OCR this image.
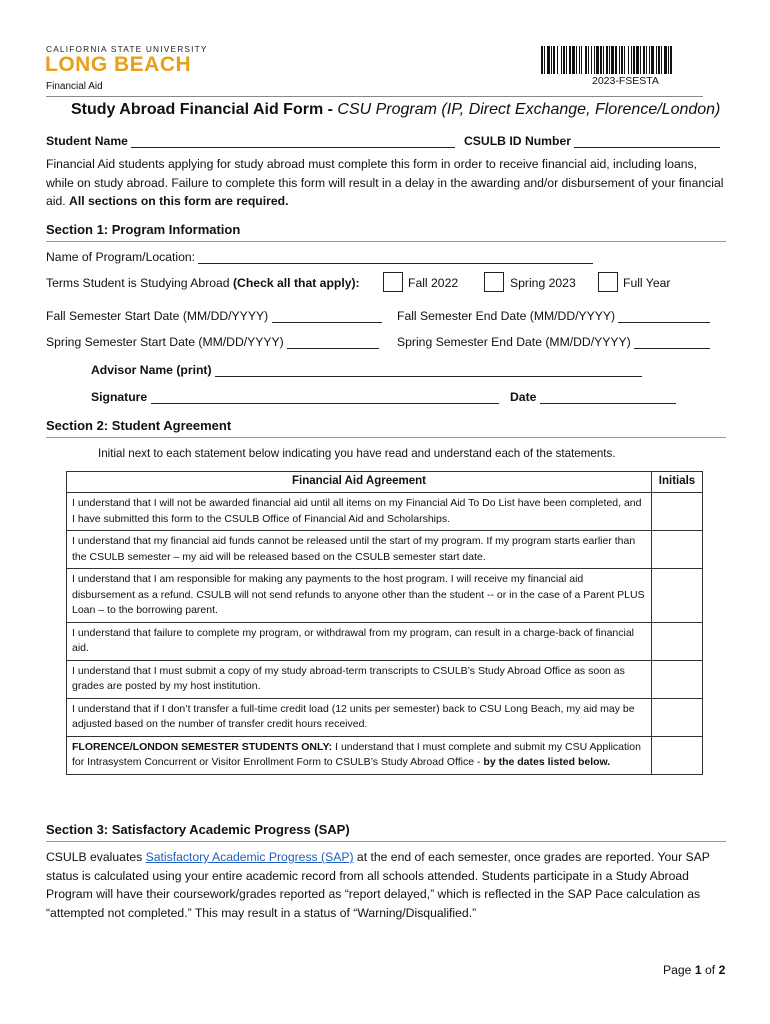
CALIFORNIA STATE UNIVERSITY
LONG BEACH
Financial Aid	2023-FSESTA
Study Abroad Financial Aid Form - CSU Program (IP, Direct Exchange, Florence/London)
Student Name	CSULB ID Number
Financial Aid students applying for study abroad must complete this form in order to receive financial aid, including loans, while on study abroad. Failure to complete this form will result in a delay in the awarding and/or disbursement of your financial aid. All sections on this form are required.
Section 1: Program Information
Name of Program/Location:
Terms Student is Studying Abroad (Check all that apply):	Fall 2022	Spring 2023	Full Year
Fall Semester Start Date (MM/DD/YYYY)	Fall Semester End Date (MM/DD/YYYY)
Spring Semester Start Date (MM/DD/YYYY)	Spring Semester End Date (MM/DD/YYYY)
Advisor Name (print)
Signature	Date
Section 2: Student Agreement
Initial next to each statement below indicating you have read and understand each of the statements.
Financial Aid Agreement	Initials
I understand that I will not be awarded financial aid until all items on my Financial Aid To Do List have been completed, and I have submitted this form to the CSULB Office of Financial Aid and Scholarships.	
I understand that my financial aid funds cannot be released until the start of my program. If my program starts earlier than the CSULB semester – my aid will be released based on the CSULB semester start date.	
I understand that I am responsible for making any payments to the host program. I will receive my financial aid disbursement as a refund. CSULB will not send refunds to anyone other than the student -- or in the case of a Parent PLUS Loan – to the borrowing parent.	
I understand that failure to complete my program, or withdrawal from my program, can result in a charge-back of financial aid.	
I understand that I must submit a copy of my study abroad-term transcripts to CSULB’s Study Abroad Office as soon as grades are posted by my host institution.	
I understand that if I don’t transfer a full-time credit load (12 units per semester) back to CSU Long Beach, my aid may be adjusted based on the number of transfer credit hours received.	
FLORENCE/LONDON SEMESTER STUDENTS ONLY: I understand that I must complete and submit my CSU Application for Intrasystem Concurrent or Visitor Enrollment Form to CSULB’s Study Abroad Office - by the dates listed below.	
Section 3: Satisfactory Academic Progress (SAP)
CSULB evaluates Satisfactory Academic Progress (SAP) at the end of each semester, once grades are reported. Your SAP status is calculated using your entire academic record from all schools attended. Students participate in a Study Abroad Program will have their coursework/grades reported as “report delayed,” which is reflected in the SAP Pace calculation as “attempted not completed.” This may result in a status of “Warning/Disqualified.”
Page 1 of 2
